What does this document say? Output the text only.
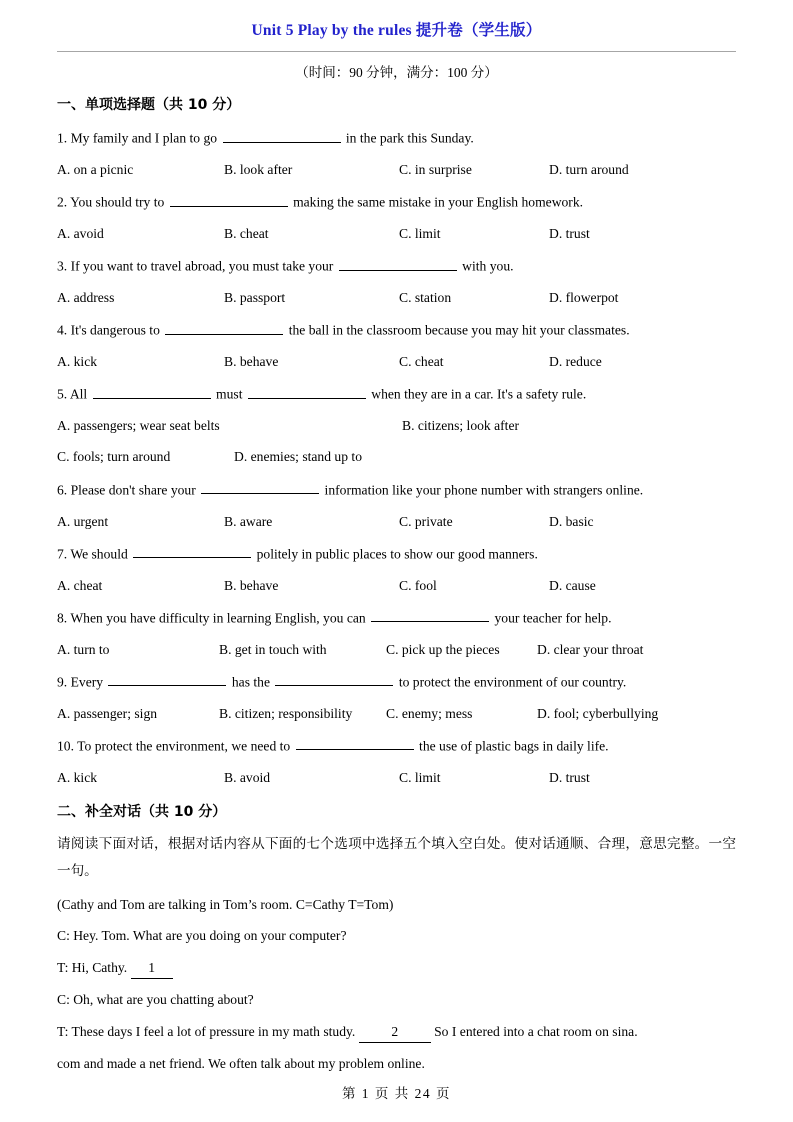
Unit 5 Play by the rules 提升卷（学生版）
（时间：90 分钟，满分：100 分）
一、单项选择题（共 10 分）
1. My family and I plan to go	in the park this Sunday.
A. on a picnic	B. look after	C. in surprise	D. turn around
2. You should try to	making the same mistake in your English homework.
A. avoid	B. cheat	C. limit	D. trust
3. If you want to travel abroad, you must take your	with you.
A. address	B. passport	C. station	D. flowerpot
4. It's dangerous to	the ball in the classroom because you may hit your classmates.
A. kick	B. behave	C. cheat	D. reduce
5. All	must	when they are in a car. It's a safety rule.
A. passengers; wear seat belts	B. citizens; look after
C. fools; turn around	D. enemies; stand up to
6. Please don't share your	information like your phone number with strangers online.
A. urgent	B. aware	C. private	D. basic
7. We should	politely in public places to show our good manners.
A. cheat	B. behave	C. fool	D. cause
8. When you have difficulty in learning English, you can	your teacher for help.
A. turn to	B. get in touch with	C. pick up the pieces	D. clear your throat
9. Every	has the	to protect the environment of our country.
A. passenger; sign	B. citizen; responsibility	C. enemy; mess	D. fool; cyberbullying
10. To protect the environment, we need to	the use of plastic bags in daily life.
A. kick	B. avoid	C. limit	D. trust
二、补全对话（共 10 分）
请阅读下面对话，根据对话内容从下面的七个选项中选择五个填入空白处。使对话通顺、合理，意思完整。一空一句。
(Cathy and Tom are talking in Tom’s room. C=Cathy T=Tom)
C: Hey. Tom. What are you doing on your computer?
T: Hi, Cathy. 1
C: Oh, what are you chatting about?
T: These days I feel a lot of pressure in my math study.	2	So I entered into a chat room on sina.
com and made a net friend. We often talk about my problem online.
第 1 页 共 24 页
